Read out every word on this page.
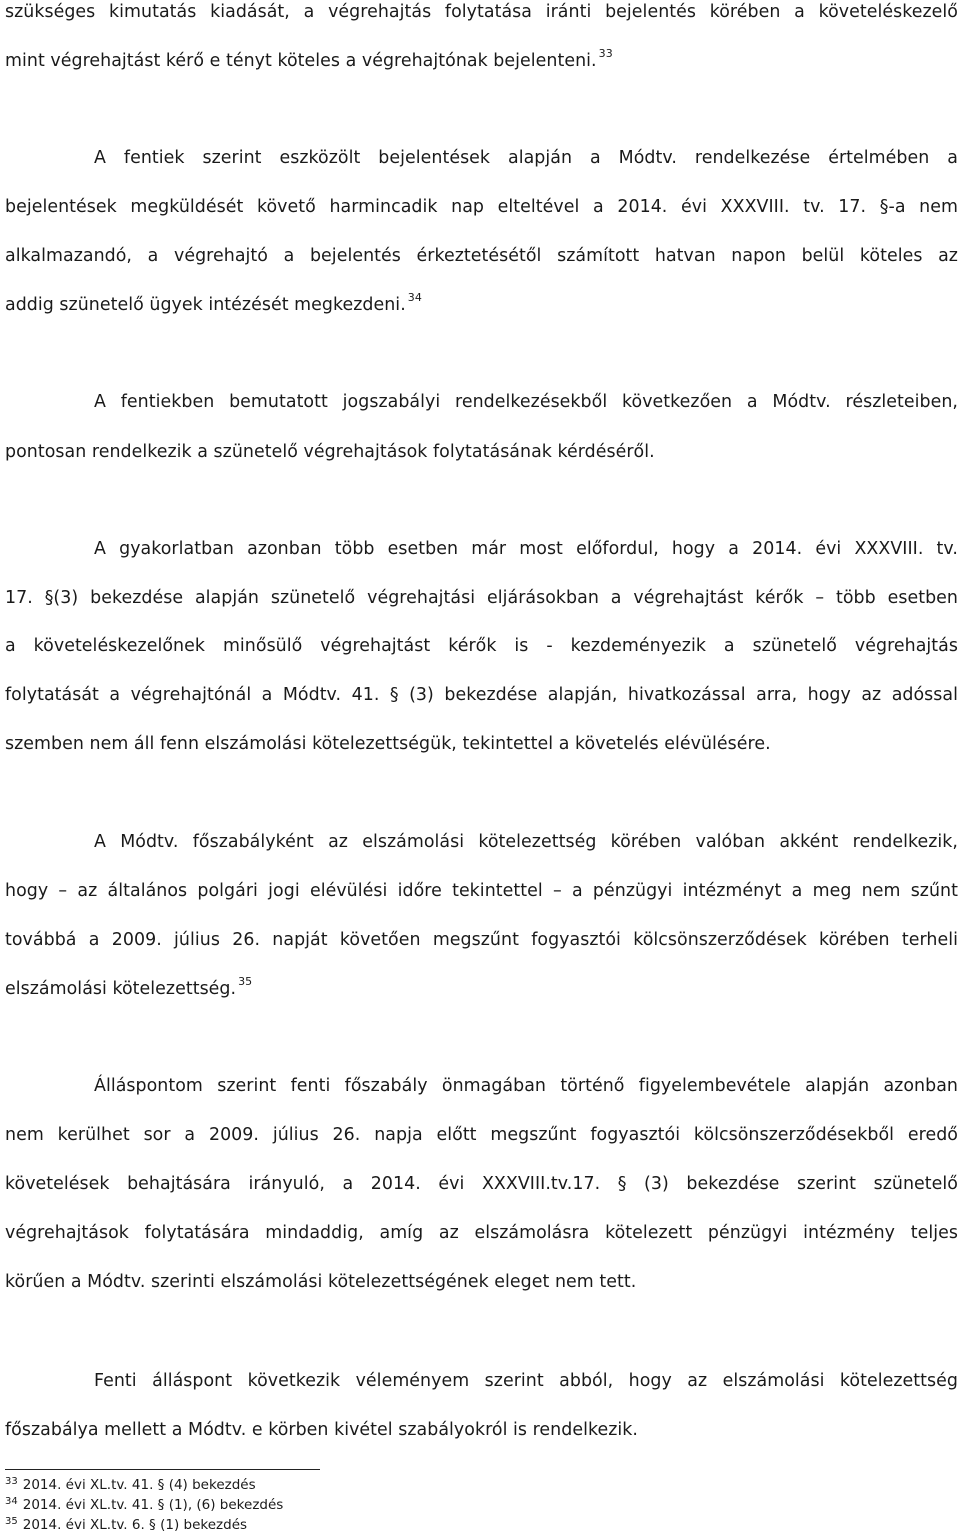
szükséges kimutatás kiadását, a végrehajtás folytatása iránti bejelentés körében a követeléskezelő
mint végrehajtást kérő e tényt köteles a végrehajtónak bejelenteni. $^{33}$
A fentiek szerint eszközölt bejelentések alapján a Módtv. rendelkezése értelmében a
bejelentések megküldését követő harmincadik nap elteltével a 2014. évi XXXVIII. tv. 17. §-a nem
alkalmazandó, a végrehajtó a bejelentés érkeztetésétől számított hatvan napon belül köteles az
addig szünetelő ügyek intézését megkezdeni. $^{34}$
A fentiekben bemutatott jogszabályi rendelkezésekből következően a Módtv. részleteiben,
pontosan rendelkezik a szünetelő végrehajtások folytatásának kérdéséről.
A gyakorlatban azonban több esetben már most előfordul, hogy a 2014. évi XXXVIII. tv.
17. §(3) bekezdése alapján szünetelő végrehajtási eljárásokban a végrehajtást kérők – több esetben
a követeléskezelőnek minősülő végrehajtást kérők is - kezdeményezik a szünetelő végrehajtás
folytatását a végrehajtónál a Módtv. 41. § (3) bekezdése alapján, hivatkozással arra, hogy az adóssal
szemben nem áll fenn elszámolási kötelezettségük, tekintettel a követelés elévülésére.
A Módtv. főszabályként az elszámolási kötelezettség körében valóban akként rendelkezik,
hogy – az általános polgári jogi elévülési időre tekintettel – a pénzügyi intézményt a meg nem szűnt
továbbá a 2009. július 26. napját követően megszűnt fogyasztói kölcsönszerződések körében terheli
elszámolási kötelezettség. $^{35}$
Álláspontom szerint fenti főszabály önmagában történő figyelembevétele alapján azonban
nem kerülhet sor a 2009. július 26. napja előtt megszűnt fogyasztói kölcsönszerződésekből eredő
követelések behajtására irányuló, a 2014. évi XXXVIII.tv.17. § (3) bekezdése szerint szünetelő
végrehajtások folytatására mindaddig, amíg az elszámolásra kötelezett pénzügyi intézmény teljes
körűen a Módtv. szerinti elszámolási kötelezettségének eleget nem tett.
Fenti álláspont következik véleményem szerint abból, hogy az elszámolási kötelezettség
főszabálya mellett a Módtv. e körben kivétel szabályokról is rendelkezik.
$^{33}$ 2014. évi XL.tv. 41. § (4) bekezdés
$^{34}$ 2014. évi XL.tv. 41. § (1), (6) bekezdés
$^{35}$ 2014. évi XL.tv. 6. § (1) bekezdés
